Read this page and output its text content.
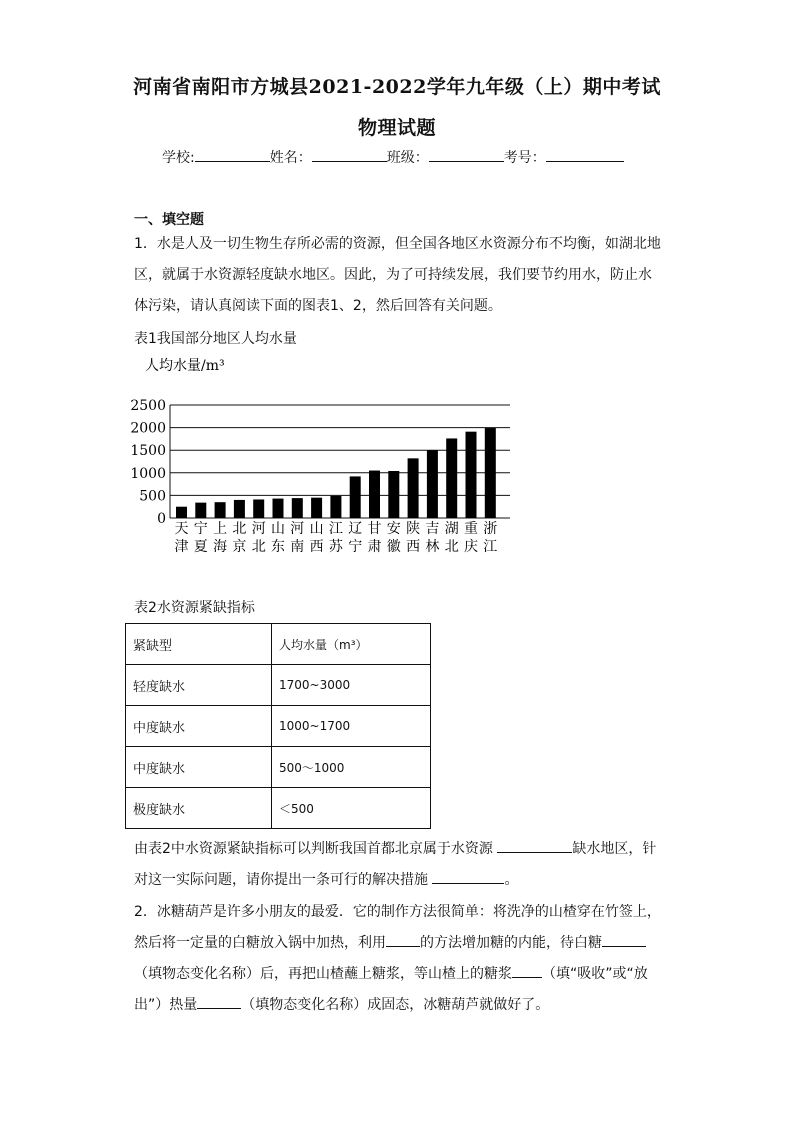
河南省南阳市方城县2021-2022学年九年级（上）期中考试
物理试题
学校:	姓名：	班级：	考号：
一、填空题
1．水是人及一切生物生存所必需的资源，但全国各地区水资源分布不均衡，如湖北地区，就属于水资源轻度缺水地区。因此，为了可持续发展，我们要节约用水，防止水体污染，请认真阅读下面的图表1、2，然后回答有关问题。
表1我国部分地区人均水量
人均水量/m³
0
500
1000
1500
2000
2500
天
津
宁
夏
上
海
北
京
河
北
山
东
河
南
山
西
江
苏
辽
宁
甘
肃
安
徽
陕
西
吉
林
湖
北
重
庆
浙
江
表2水资源紧缺指标
紧缺型	人均水量（m³）
轻度缺水	1700~3000
中度缺水	1000~1700
中度缺水	500～1000
极度缺水	＜500
由表2中水资源紧缺指标可以判断我国首都北京属于水资源	缺水地区，针对这一实际问题，请你提出一条可行的解决措施	。
2．冰糖葫芦是许多小朋友的最爱．它的制作方法很简单：将洗净的山楂穿在竹签上，然后将一定量的白糖放入锅中加热，利用 的方法增加糖的内能，待白糖（填物态变化名称）后，再把山楂蘸上糖浆，等山楂上的糖浆 （填“吸收”或“放出”）热量	（填物态变化名称）成固态，冰糖葫芦就做好了。
